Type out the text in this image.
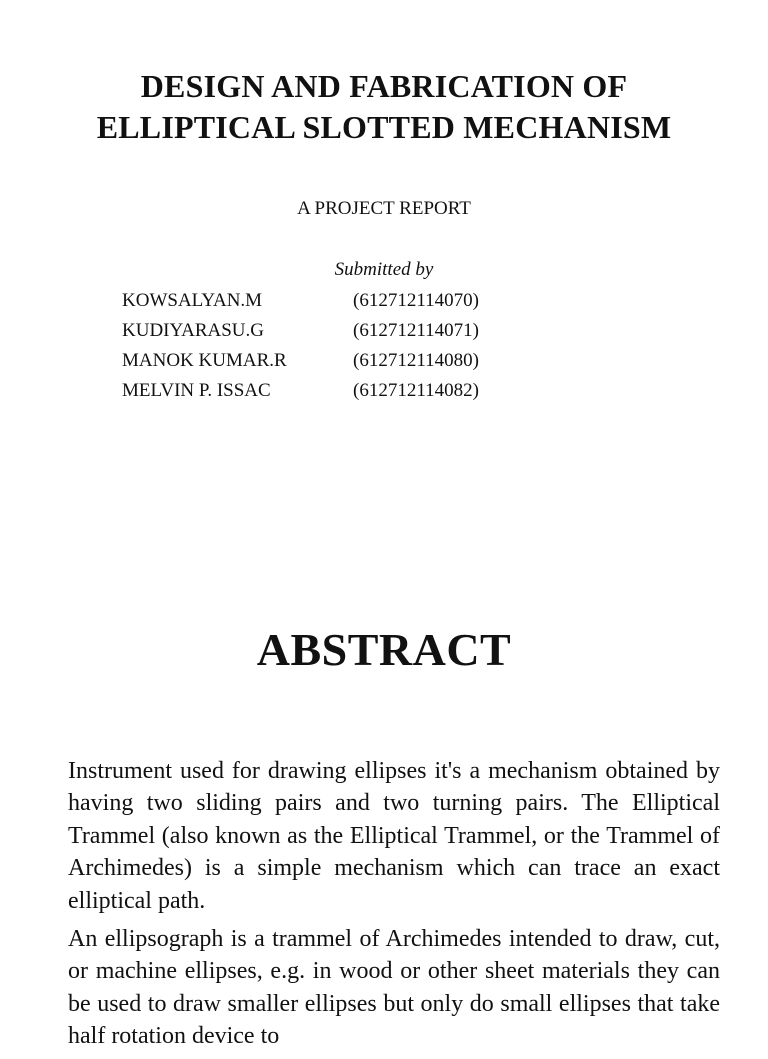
DESIGN AND FABRICATION OF
ELLIPTICAL SLOTTED MECHANISM
A PROJECT REPORT
Submitted by
KOWSALYAN.M	(612712114070)
KUDIYARASU.G	(612712114071)
MANOK KUMAR.R	(612712114080)
MELVIN P. ISSAC	(612712114082)
ABSTRACT

Instrument used for drawing ellipses it's a mechanism obtained by having two sliding pairs and two turning pairs. The Elliptical Trammel (also known as the Elliptical Trammel, or the Trammel of Archimedes) is a simple mechanism which can trace an exact elliptical path.

An ellipsograph is a trammel of Archimedes intended to draw, cut, or machine ellipses, e.g. in wood or other sheet materials they can be used to draw smaller ellipses but only do small ellipses that take half rotation device to
